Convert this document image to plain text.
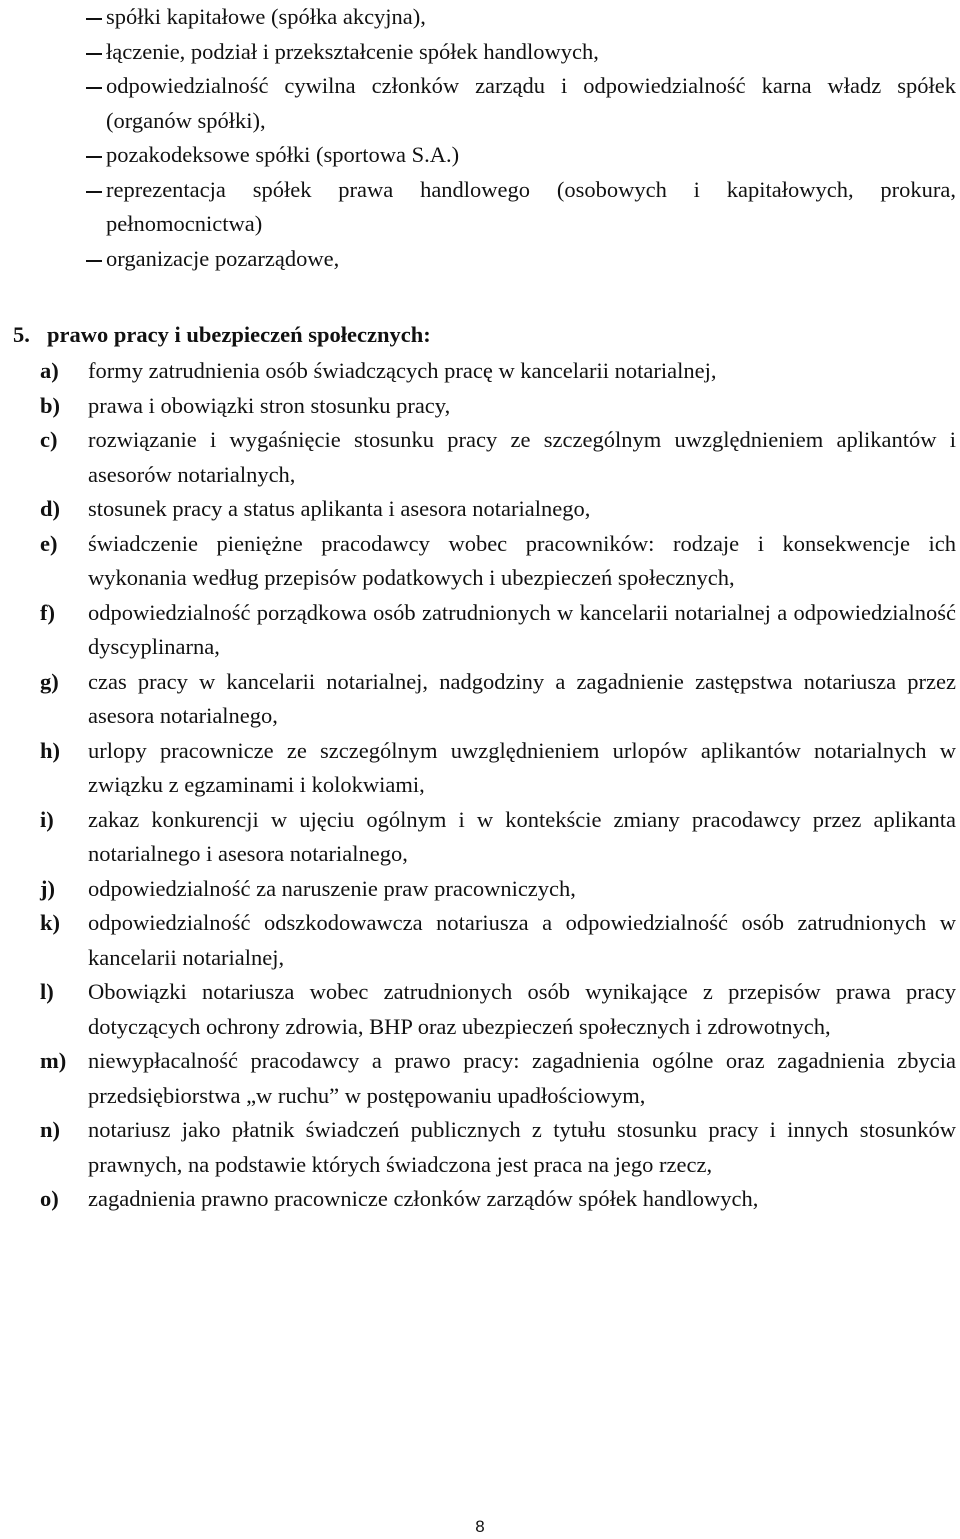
spółki kapitałowe (spółka akcyjna),
łączenie, podział i przekształcenie spółek handlowych,
odpowiedzialność cywilna członków zarządu i odpowiedzialność karna władz spółek (organów spółki),
pozakodeksowe spółki (sportowa S.A.)
reprezentacja spółek prawa handlowego (osobowych i kapitałowych, prokura, pełnomocnictwa)
organizacje pozarządowe,
5. prawo pracy i ubezpieczeń społecznych:
a) formy zatrudnienia osób świadczących pracę w kancelarii notarialnej,
b) prawa i obowiązki stron stosunku pracy,
c) rozwiązanie i wygaśnięcie stosunku pracy ze szczególnym uwzględnieniem aplikantów i asesorów notarialnych,
d) stosunek pracy a status aplikanta i asesora notarialnego,
e) świadczenie pieniężne pracodawcy wobec pracowników: rodzaje i konsekwencje ich wykonania według przepisów podatkowych i ubezpieczeń społecznych,
f) odpowiedzialność porządkowa osób zatrudnionych w kancelarii notarialnej a odpowiedzialność dyscyplinarna,
g) czas pracy w kancelarii notarialnej, nadgodziny a zagadnienie zastępstwa notariusza przez asesora notarialnego,
h) urlopy pracownicze ze szczególnym uwzględnieniem urlopów aplikantów notarialnych w związku z egzaminami i kolokwiami,
i) zakaz konkurencji w ujęciu ogólnym i w kontekście zmiany pracodawcy przez aplikanta notarialnego i asesora notarialnego,
j) odpowiedzialność za naruszenie praw pracowniczych,
k) odpowiedzialność odszkodowawcza notariusza a odpowiedzialność osób zatrudnionych w kancelarii notarialnej,
l) Obowiązki notariusza wobec zatrudnionych osób wynikające z przepisów prawa pracy dotyczących ochrony zdrowia, BHP oraz ubezpieczeń społecznych i zdrowotnych,
m) niewypłacalność pracodawcy a prawo pracy: zagadnienia ogólne oraz zagadnienia zbycia przedsiębiorstwa „w ruchu” w postępowaniu upadłościowym,
n) notariusz jako płatnik świadczeń publicznych z tytułu stosunku pracy i innych stosunków prawnych, na podstawie których świadczona jest praca na jego rzecz,
o) zagadnienia prawno pracownicze członków zarządów spółek handlowych,
8
